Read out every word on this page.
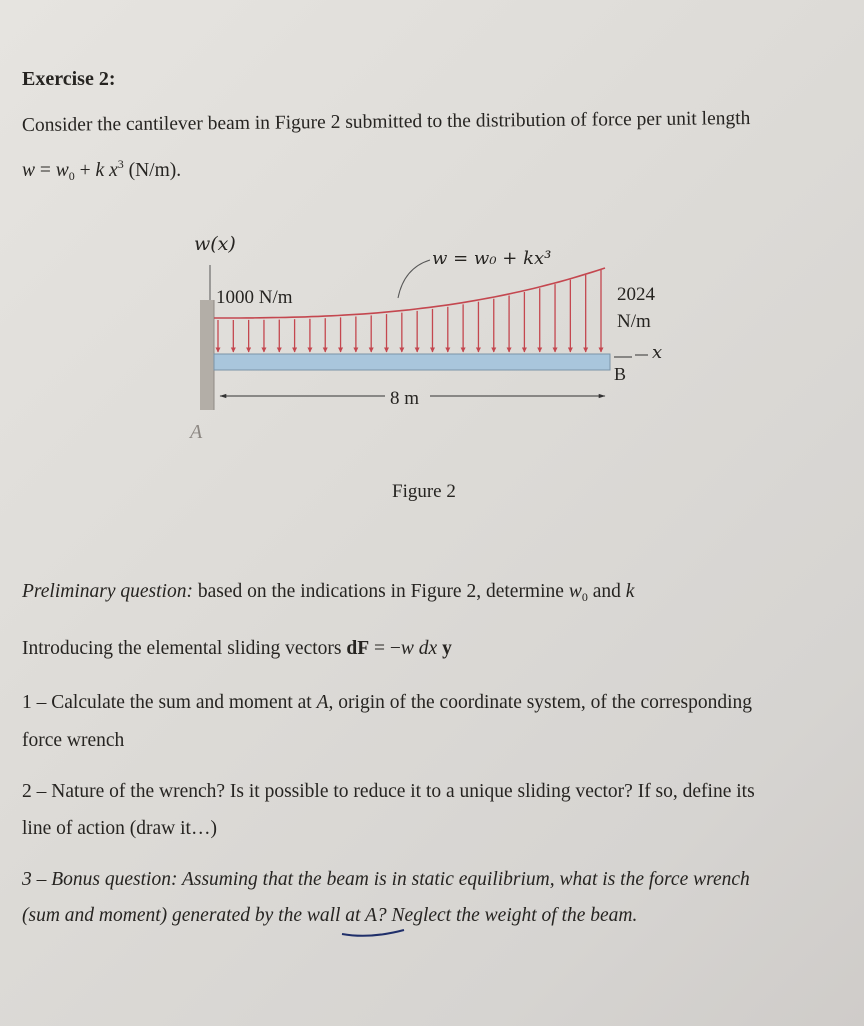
Exercise 2:
Consider the cantilever beam in Figure 2 submitted to the distribution of force per unit length
$w = w_0 + k$ $x^3$ (N/m).
w(x)
1000 N/m	2024
N/m
w = w₀ + kx³
8 m
B
x
A
Figure 2
Preliminary question: based on the indications in Figure 2, determine $w_0$ and k
Introducing the elemental sliding vectors dF = −w dx y
1 – Calculate the sum and moment at A, origin of the coordinate system, of the corresponding
force wrench
2 – Nature of the wrench? Is it possible to reduce it to a unique sliding vector? If so, define its
line of action (draw it…)
3 – Bonus question: Assuming that the beam is in static equilibrium, what is the force wrench
(sum and moment) generated by the wall at A? Neglect the weight of the beam.
